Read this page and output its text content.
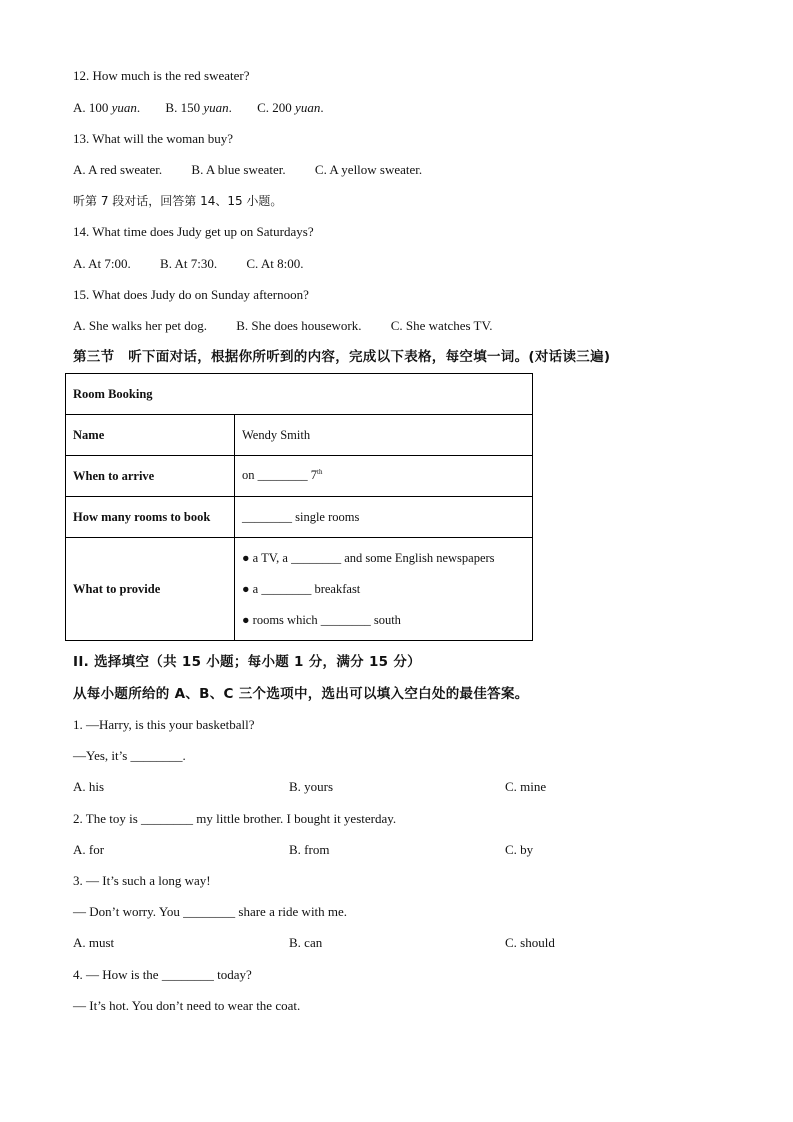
12. How much is the red sweater?
A. 100 yuan. B. 150 yuan. C. 200 yuan.
13. What will the woman buy?
A. A red sweater. B. A blue sweater. C. A yellow sweater.
听第 7 段对话，回答第 14、15 小题。
14. What time does Judy get up on Saturdays?
A. At 7:00. B. At 7:30. C. At 8:00.
15. What does Judy do on Sunday afternoon?
A. She walks her pet dog. B. She does housework. C. She watches TV.
第三节　听下面对话，根据你所听到的内容，完成以下表格，每空填一词。(对话读三遍)
Room Booking	
Name	Wendy Smith
When to arrive	on ________ 7th
How many rooms to book	________ single rooms
What to provide	● a TV, a ________ and some English newspapers
● a ________ breakfast
● rooms which ________ south
II. 选择填空（共 15 小题；每小题 1 分，满分 15 分）
从每小题所给的 A、B、C 三个选项中，选出可以填入空白处的最佳答案。
1. —Harry, is this your basketball?
—Yes, it’s ________.
A. his	B. yours	C. mine
2. The toy is ________ my little brother. I bought it yesterday.
A. for	B. from	C. by
3. — It’s such a long way!
— Don’t worry. You ________ share a ride with me.
A. must	B. can	C. should
4. — How is the ________ today?
— It’s hot. You don’t need to wear the coat.
